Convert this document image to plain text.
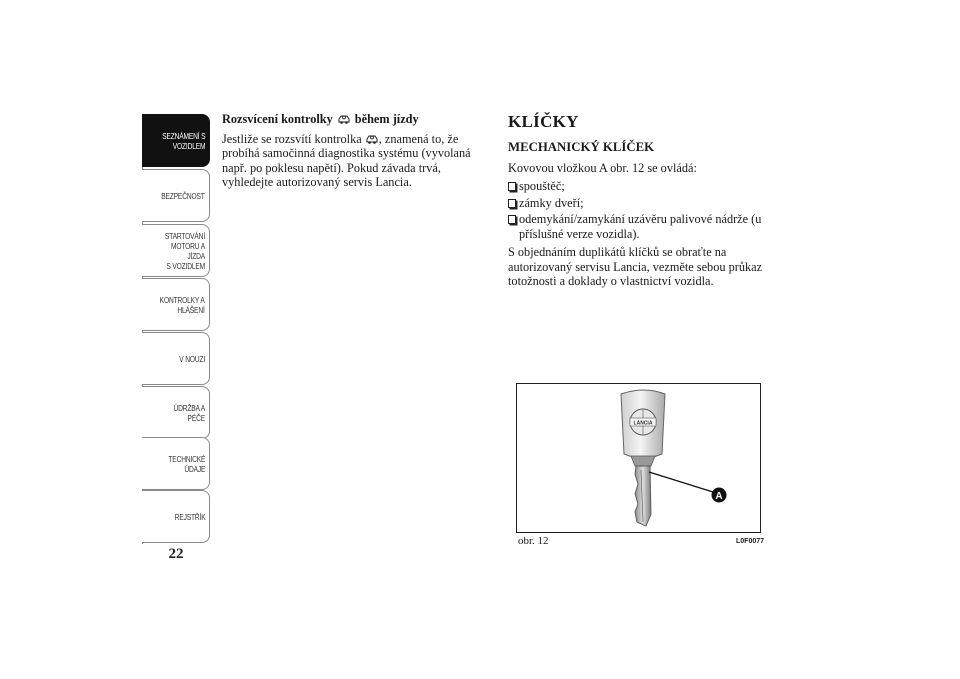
SEZNÁMENÍ S
VOZIDLEM
BEZPEČNOST
STARTOVÁNÍ
MOTORU A JÍZDA
S VOZIDLEM
KONTROLKY A
HLÁŠENÍ
V NOUZI
ÚDRŽBA A PÉČE
TECHNICKÉ
ÚDAJE
REJSTŘÍK
22
Rozsvícení kontrolky během jízdy

Jestliže se rozsvítí kontrolka , znamená to, že probíhá samočinná diagnostika systému (vyvolaná např. po poklesu napětí). Pokud závada trvá, vyhledejte autorizovaný servis Lancia.

KLÍČKY
MECHANICKÝ KLÍČEK

Kovovou vložkou A obr. 12 se ovládá:

spouštěč;
zámky dveří;
odemykání/zamykání uzávěru palivové nádrže (u příslušné verze vozidla).

S objednáním duplikátů klíčků se obraťte na autorizovaný servisu Lancia, vezměte sebou průkaz totožnosti a doklady o vlastnictví vozidla.

LANCIA
A
obr. 12	L0F0077
